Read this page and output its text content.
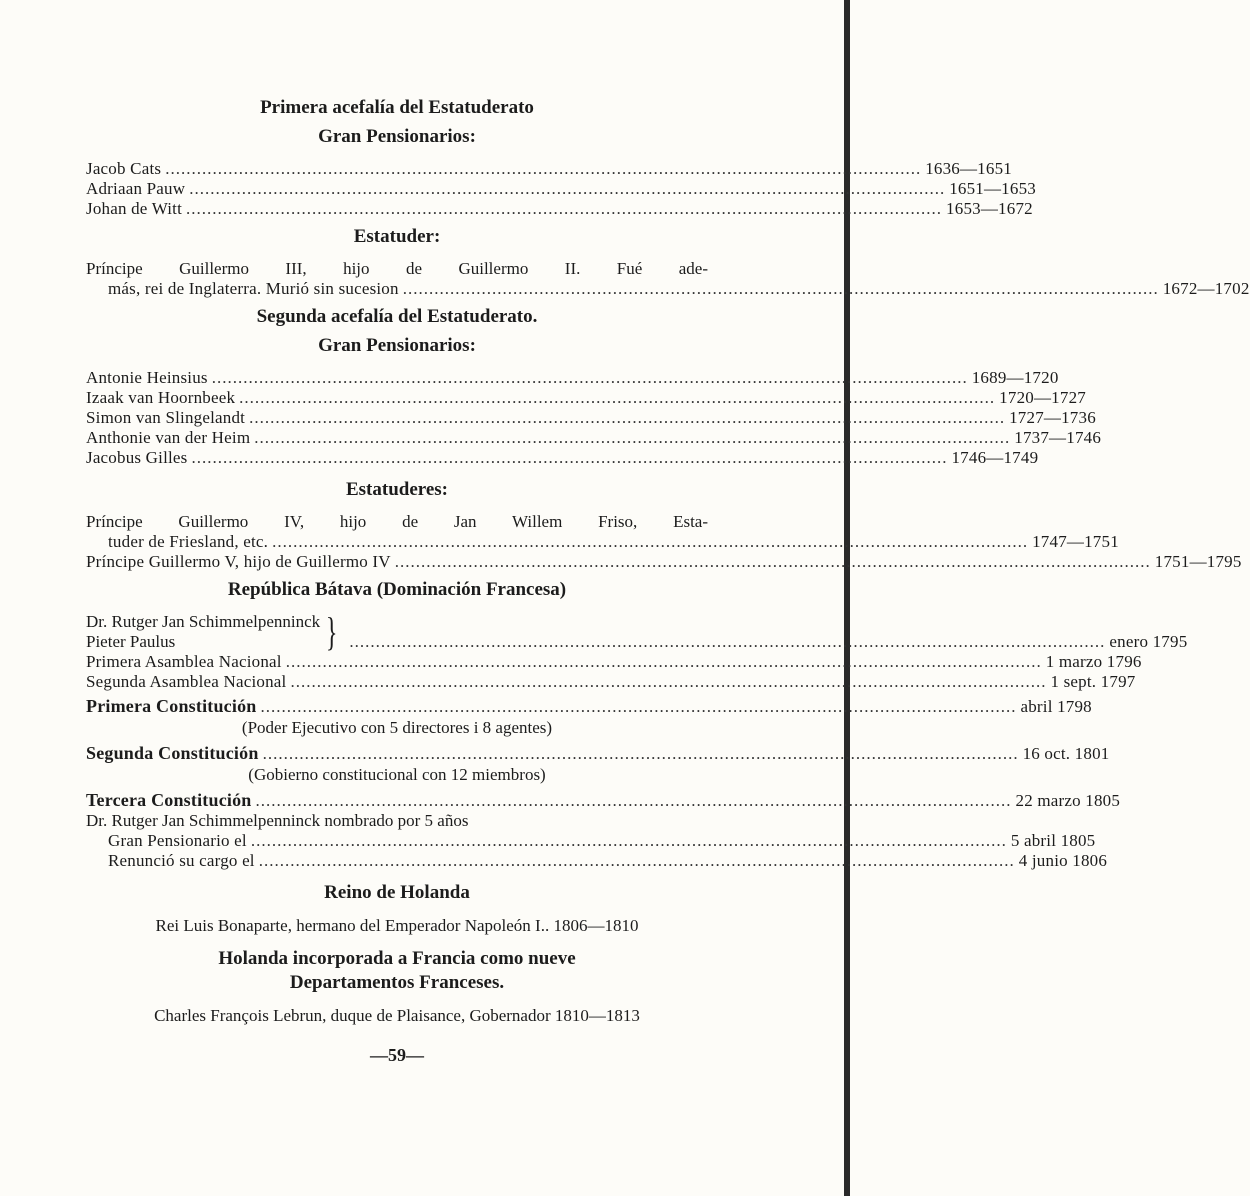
Primera acefalía del Estatuderato
Gran Pensionarios:
Jacob Cats .....	1636—1651
Adriaan Pauw .....	1651—1653
Johan de Witt .....	1653—1672
Estatuder:
Príncipe Guillermo III, hijo de Guillermo II. Fué ade-
más, rei de Inglaterra. Murió sin sucesion .....	1672—1702
Segunda acefalía del Estatuderato.
Gran Pensionarios:
Antonie Heinsius .....	1689—1720
Izaak van Hoornbeek .....	1720—1727
Simon van Slingelandt .....	1727—1736
Anthonie van der Heim .....	1737—1746
Jacobus Gilles .....	1746—1749
Estatuderes:
Príncipe Guillermo IV, hijo de Jan Willem Friso, Esta-
tuder de Friesland, etc. .....	1747—1751
Príncipe Guillermo V, hijo de Guillermo IV .....	1751—1795
República Bátava (Dominación Francesa)
Dr. Rutger Jan Schimmelpenninck
Pieter Paulus	} .....	enero 1795
Primera Asamblea Nacional .....	1 marzo 1796
Segunda Asamblea Nacional .....	1 sept. 1797
Primera Constitución .....	abril 1798
(Poder Ejecutivo con 5 directores i 8 agentes)
Segunda Constitución .....	16 oct. 1801
(Gobierno constitucional con 12 miembros)
Tercera Constitución .....	22 marzo 1805
Dr. Rutger Jan Schimmelpenninck nombrado por 5 años
Gran Pensionario el .....	5 abril 1805
Renunció su cargo el .....	4 junio 1806
Reino de Holanda
Rei Luis Bonaparte, hermano del Emperador Napoleón I.. 1806—1810
Holanda incorporada a Francia como nueve
Departamentos Franceses.
Charles François Lebrun, duque de Plaisance, Gobernador 1810—1813
—59—
